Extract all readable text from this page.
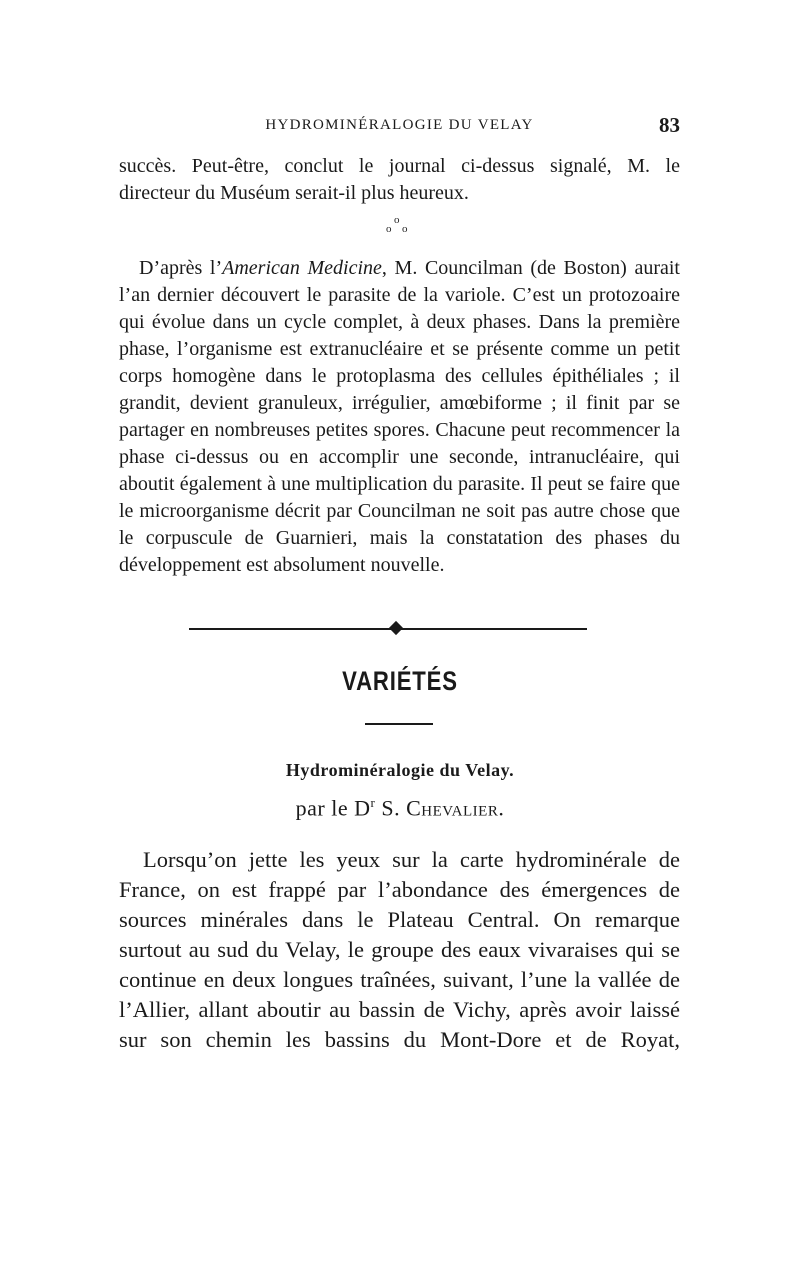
HYDROMINÉRALOGIE DU VELAY	83

succès. Peut-être, conclut le journal ci-dessus signalé, M. le

directeur du Muséum serait-il plus heureux.

o
o o

D’après l’American Medicine, M. Councilman (de Boston) aurait l’an dernier découvert le parasite de la variole. C’est un protozoaire qui évolue dans un cycle complet, à deux phases. Dans la première phase, l’organisme est extranucléaire et se présente comme un petit corps homogène dans le protoplasma des cellules épithéliales ; il grandit, devient granuleux, irrégulier, amœbiforme ; il finit par se partager en nombreuses petites spores. Chacune peut recommencer la phase ci-dessus ou en accomplir une seconde, intranucléaire, qui aboutit également à une multiplication du parasite. Il peut se faire que le microorganisme décrit par Councilman ne soit pas autre chose que le corpuscule de Guarnieri, mais la constatation des phases du développement est absolument nouvelle.

VARIÉTÉS
Hydrominéralogie du Velay.
par le $D^r$ S. Chevalier.

Lorsqu’on jette les yeux sur la carte hydrominérale de France, on est frappé par l’abondance des émergences de sources minérales dans le Plateau Central. On remarque surtout au sud du Velay, le groupe des eaux vivaraises qui se continue en deux longues traînées, suivant, l’une la vallée de l’Allier, allant aboutir au bassin de Vichy, après avoir laissé sur son chemin les bassins du Mont-Dore et de Royat,
